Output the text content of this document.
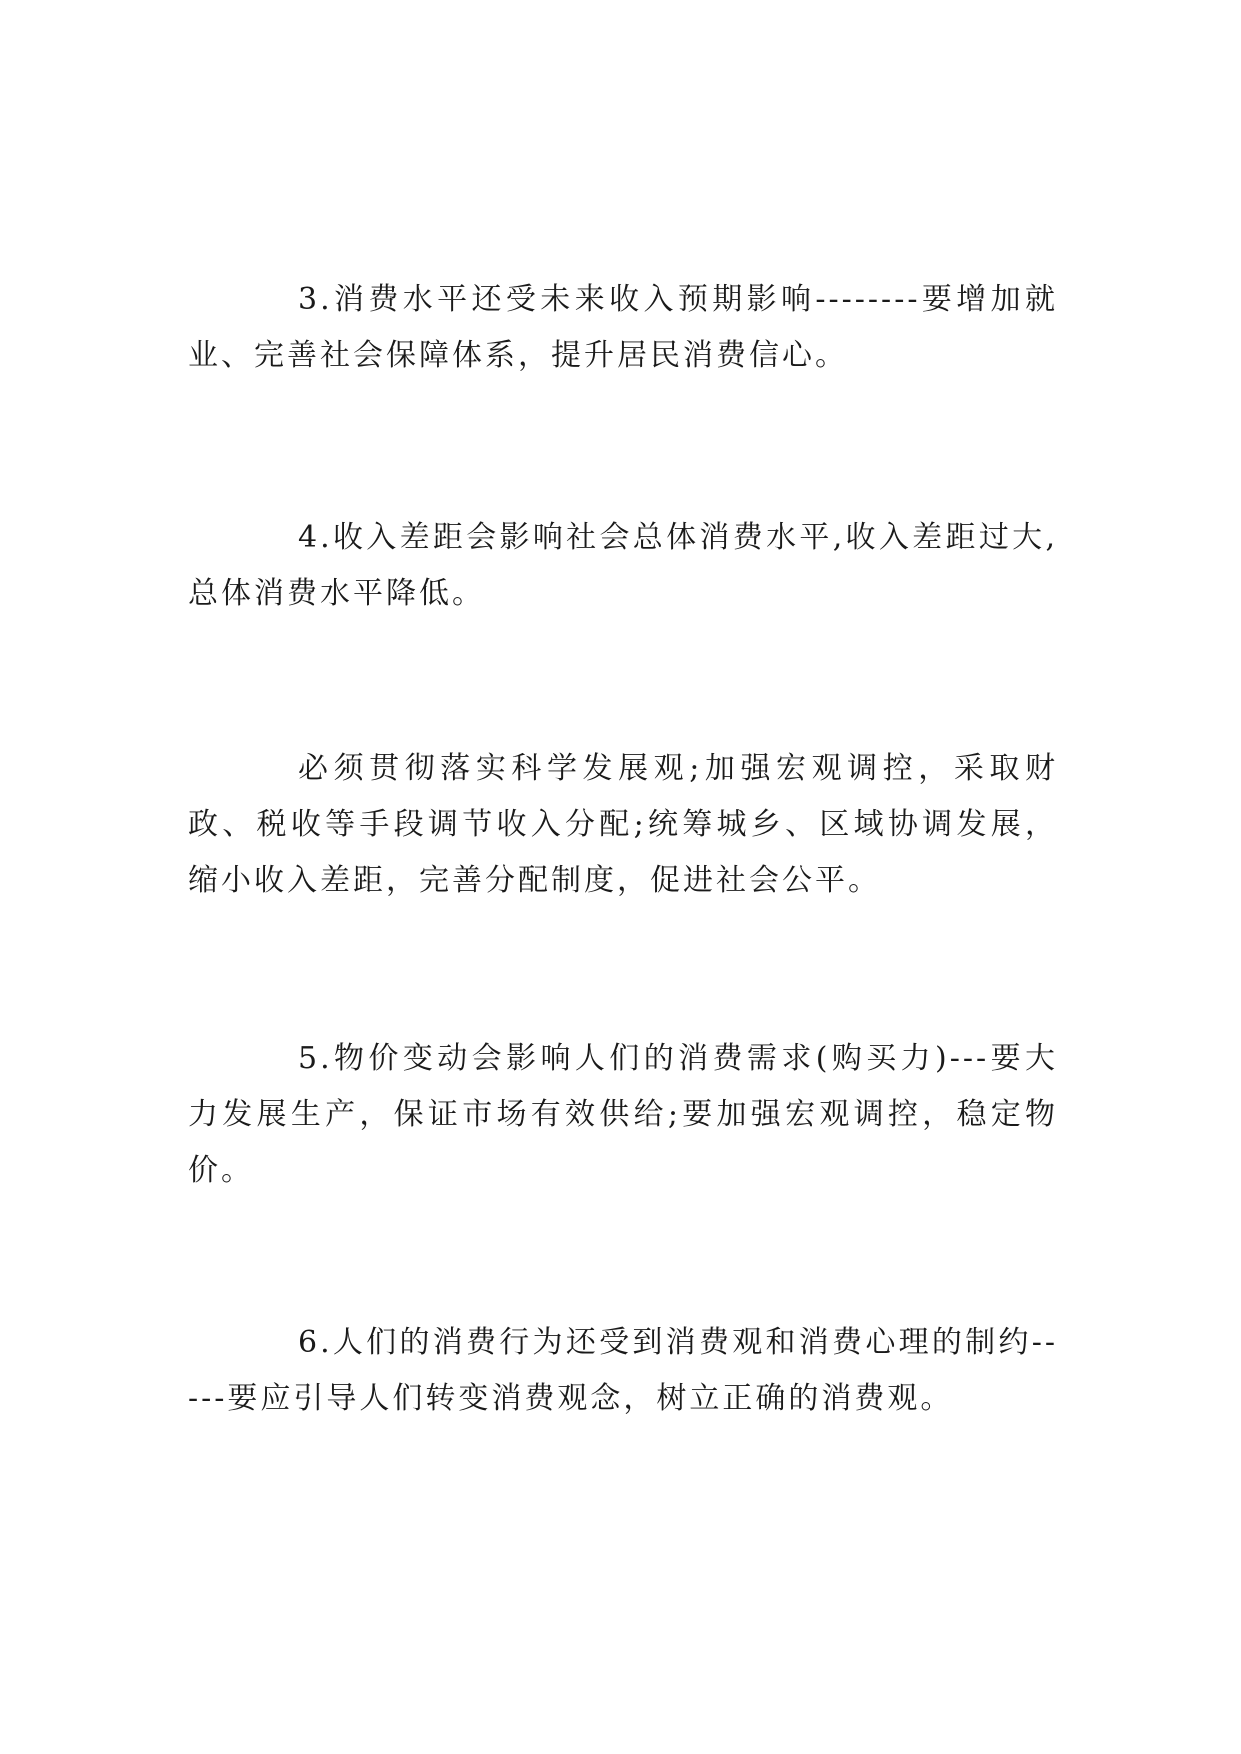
3.消费水平还受未来收入预期影响--------要增加就业、完善社会保障体系，提升居民消费信心。

4.收入差距会影响社会总体消费水平,收入差距过大,总体消费水平降低。

必须贯彻落实科学发展观;加强宏观调控，采取财政、税收等手段调节收入分配;统筹城乡、区域协调发展，缩小收入差距，完善分配制度，促进社会公平。

5.物价变动会影响人们的消费需求(购买力)---要大力发展生产，保证市场有效供给;要加强宏观调控，稳定物价。

6.人们的消费行为还受到消费观和消费心理的制约-----要应引导人们转变消费观念，树立正确的消费观。
